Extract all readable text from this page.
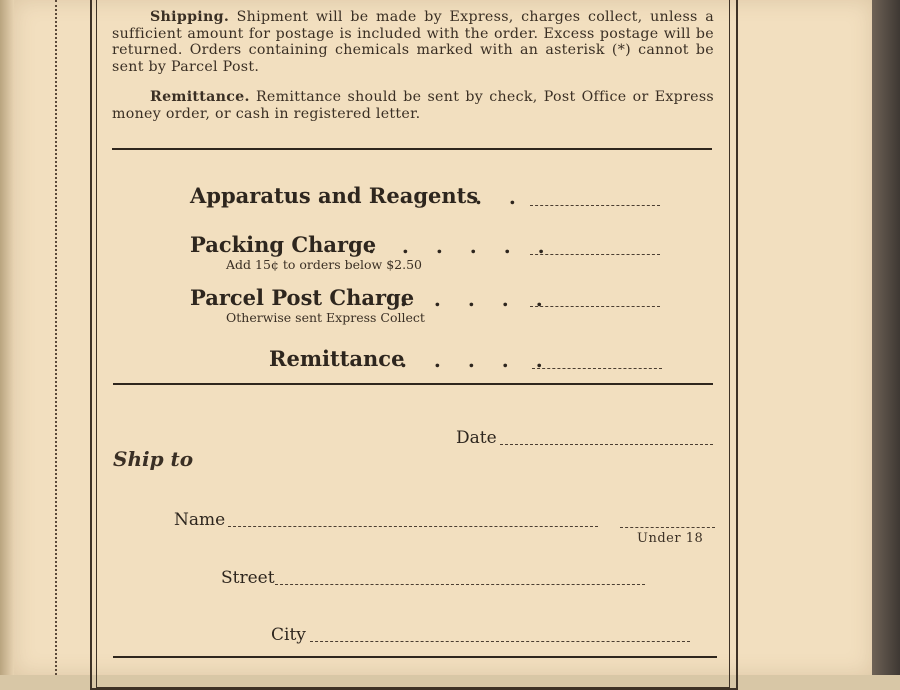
Shipping. Shipment will be made by Express, charges collect, unless a sufficient amount for postage is included with the order. Excess postage will be returned. Orders containing chemicals marked with an asterisk (*) cannot be sent by Parcel Post.
Remittance. Remittance should be sent by check, Post Office or Express money order, or cash in registered letter.
Apparatus and Reagents
. .
Packing Charge
. . . . . .
Add 15¢ to orders below $2.50
Parcel Post Charge
. . . . .
Otherwise sent Express Collect
Remittance
. . . . .
Date
Ship to
Name
Under 18
Street
City
